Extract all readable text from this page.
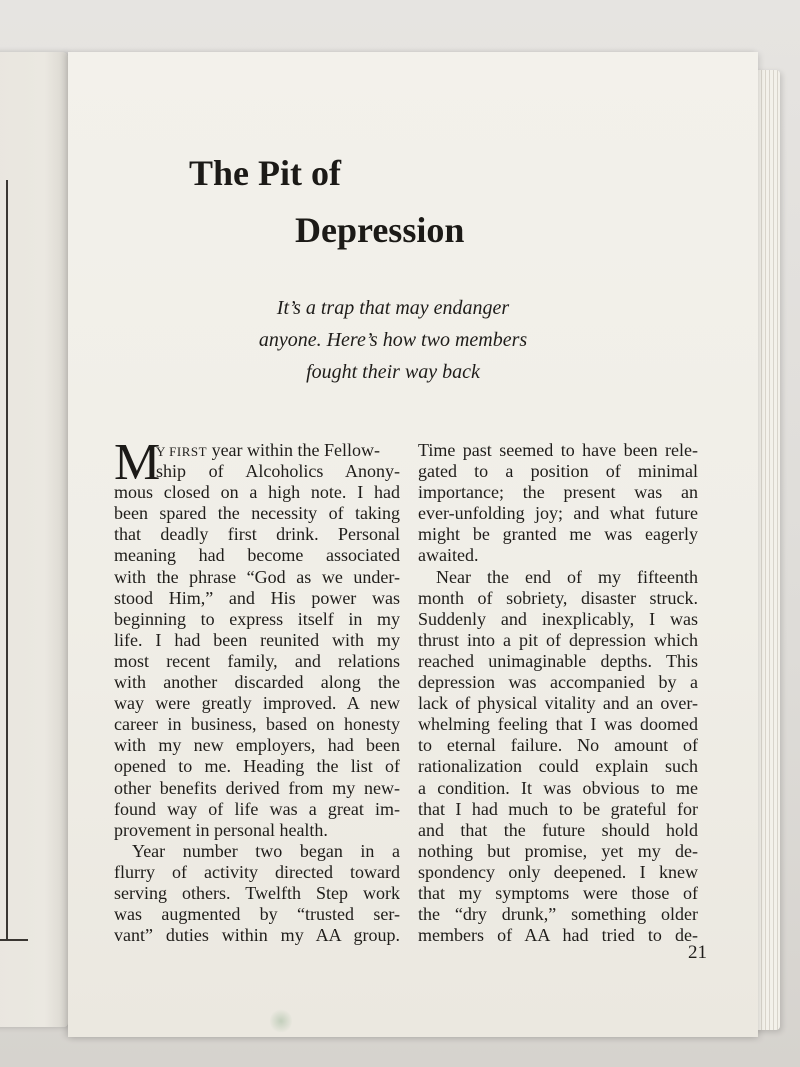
The Pit of
Depression

It’s a trap that may endanger
anyone. Here’s how two members
fought their way back

M
Y FIRST year within the Fellow-
ship of Alcoholics Anony-
mous closed on a high note. I had
been spared the necessity of taking
that deadly first drink. Personal
meaning had become associated
with the phrase “God as we under-
stood Him,” and His power was
beginning to express itself in my
life. I had been reunited with my
most recent family, and relations
with another discarded along the
way were greatly improved. A new
career in business, based on honesty
with my new employers, had been
opened to me. Heading the list of
other benefits derived from my new-
found way of life was a great im-
provement in personal health.
Year number two began in a
flurry of activity directed toward
serving others. Twelfth Step work
was augmented by “trusted ser-
vant” duties within my AA group.
Time past seemed to have been rele-
gated to a position of minimal
importance; the present was an
ever-unfolding joy; and what future
might be granted me was eagerly
awaited.
Near the end of my fifteenth
month of sobriety, disaster struck.
Suddenly and inexplicably, I was
thrust into a pit of depression which
reached unimaginable depths. This
depression was accompanied by a
lack of physical vitality and an over-
whelming feeling that I was doomed
to eternal failure. No amount of
rationalization could explain such
a condition. It was obvious to me
that I had much to be grateful for
and that the future should hold
nothing but promise, yet my de-
spondency only deepened. I knew
that my symptoms were those of
the “dry drunk,” something older
members of AA had tried to de-
21
